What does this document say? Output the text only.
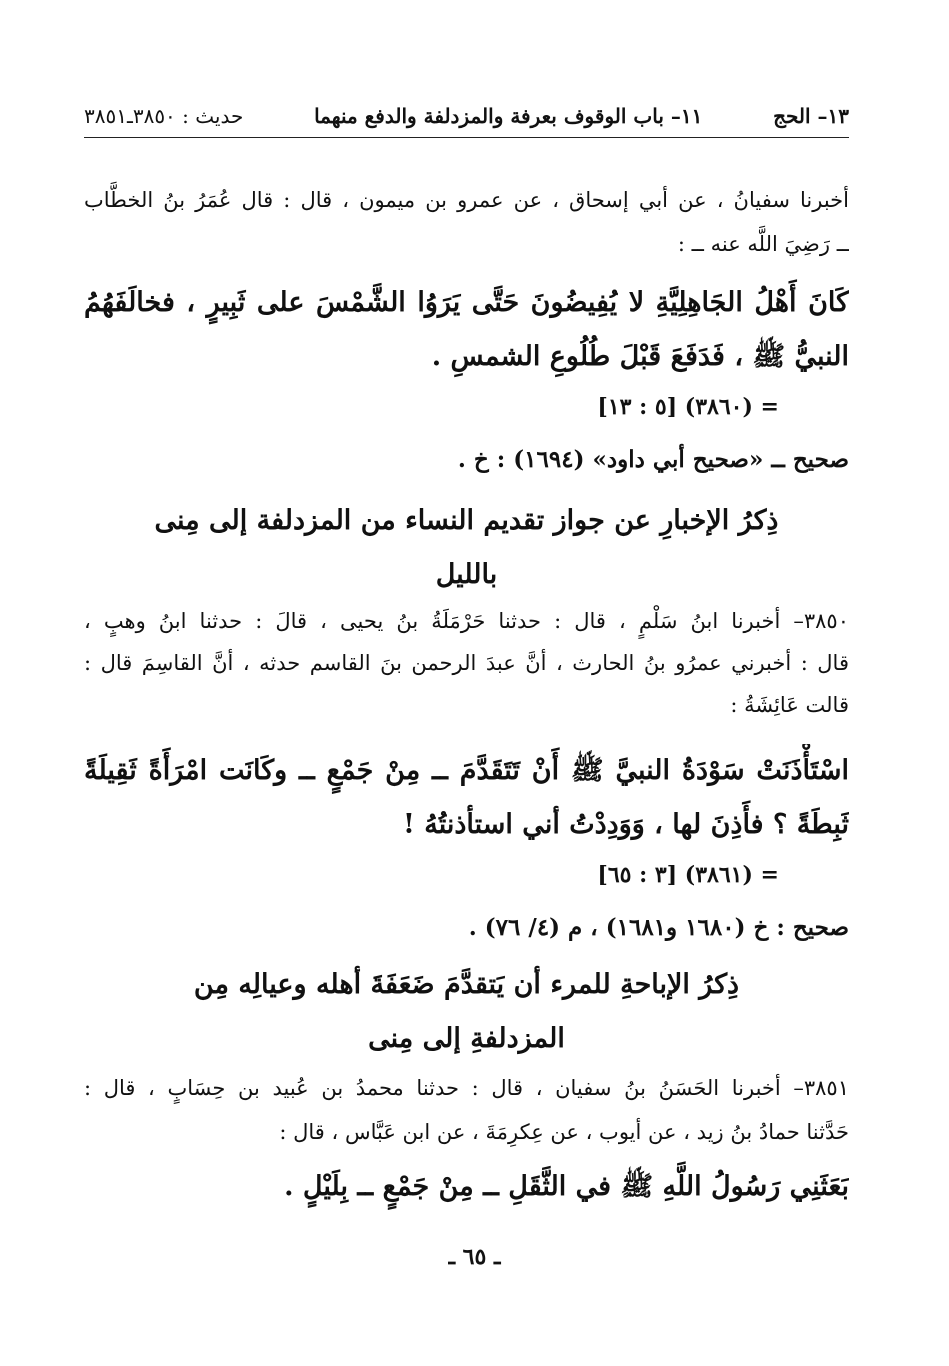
١٣– الحج
١١– باب الوقوف بعرفة والمزدلفة والدفع منهما
حديث : ٣٨٥٠ـ٣٨٥١
أخبرنا سفيانُ ، عن أبي إسحاق ، عن عمرو بن ميمون ، قال : قال عُمَرُ بنُ الخطَّاب
ــ رَضِيَ اللَّه عنه ــ :
كَانَ أَهْلُ الجَاهِلِيَّةِ لا يُفِيضُونَ حَتَّى يَرَوُا الشَّمْسَ على ثَبِيرٍ ، فخالَفَهُمُ
النبيُّ ﷺ ، فَدَفَعَ قَبْلَ طُلُوعِ الشمسِ .
= (٣٨٦٠) [٥ : ١٣]
صحيح ــ «صحيح أبي داود» (١٦٩٤) : خ .
ذِكرُ الإخبارِ عن جواز تقديم النساء من المزدلفة إلى مِنى
بالليل
٣٨٥٠– أخبرنا ابنُ سَلْمٍ ، قال : حدثنا حَرْمَلَةُ بنُ يحيى ، قالَ : حدثنا ابنُ وهبٍ ،
قال : أخبرني عمرُو بنُ الحارث ، أنَّ عبدَ الرحمن بنَ القاسم حدثه ، أنَّ القاسِمَ قال :
قالت عَائِشَةُ :
اسْتَأْذَنَتْ سَوْدَةُ النبيَّ ﷺ أَنْ تَتَقَدَّمَ ــ مِنْ جَمْعٍ ــ وكَانَت امْرَأَةً ثَقِيلَةً
ثَبِطَةً ؟ فأَذِنَ لها ، وَوَدِدْتُ أني استأذنتُهُ !
= (٣٨٦١) [٣ : ٦٥]
صحيح : خ (١٦٨٠ و١٦٨١) ، م (٤/ ٧٦) .
ذِكرُ الإباحةِ للمرء أن يَتقدَّمَ ضَعَفَةَ أهله وعيالِه مِن
المزدلفةِ إلى مِنى
٣٨٥١– أخبرنا الحَسَنُ بنُ سفيان ، قال : حدثنا محمدُ بن عُبيد بن حِسَابٍ ، قال :
حَدَّثنا حمادُ بنُ زيد ، عن أيوب ، عن عِكرِمَةَ ، عن ابن عَبَّاس ، قال :
بَعَثَنِي رَسُولُ اللَّهِ ﷺ في الثَّقَلِ ــ مِنْ جَمْعٍ ــ بِلَيْلٍ .
ـ ٦٥ ـ
